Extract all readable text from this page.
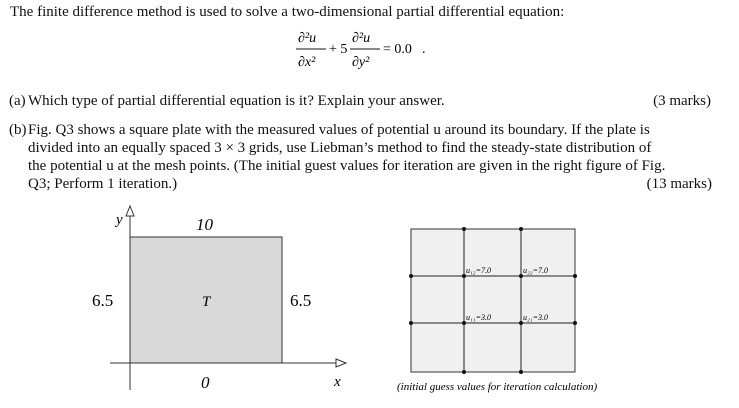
The finite difference method is used to solve a two-dimensional partial differential equation:
∂²u
∂x²
+ 5
∂²u
∂y²
= 0.0 .
(a) Which type of partial differential equation is it? Explain your answer.	(3 marks)
(b) Fig. Q3 shows a square plate with the measured values of potential u around its boundary. If the plate is
divided into an equally spaced 3 × 3 grids, use Liebman’s method to find the steady-state distribution of
the potential u at the mesh points. (The initial guest values for iteration are given in the right figure of Fig.
Q3; Perform 1 iteration.)	(13 marks)
y
x
10
6.5	6.5
0
T
u₁₂=7.0	u₂₂=7.0
u₁₁=3.0	u₂₁=3.0
(initial guess values for iteration calculation)
